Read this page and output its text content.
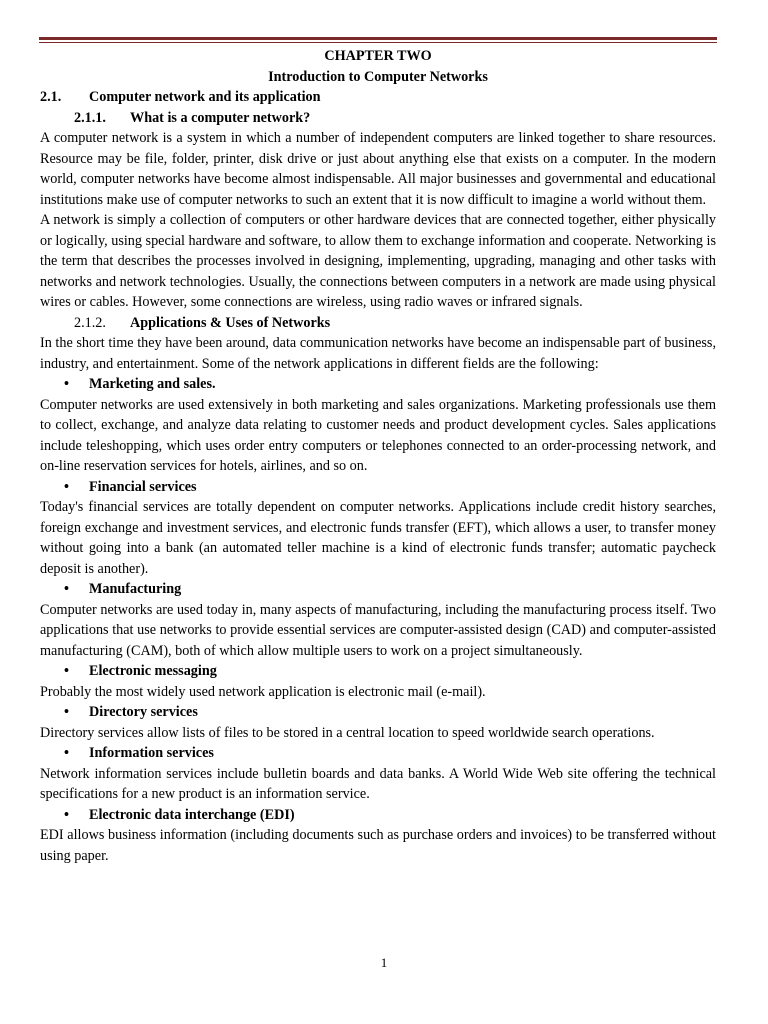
CHAPTER TWO
Introduction to Computer Networks
2.1.	Computer network and its application
2.1.1.	What is a computer network?

A computer network is a system in which a number of independent computers are linked together to share resources. Resource may be file, folder, printer, disk drive or just about anything else that exists on a computer. In the modern world, computer networks have become almost indispensable. All major businesses and governmental and educational institutions make use of computer networks to such an extent that it is now difficult to imagine a world without them.

A network is simply a collection of computers or other hardware devices that are connected together, either physically or logically, using special hardware and software, to allow them to exchange information and cooperate. Networking is the term that describes the processes involved in designing, implementing, upgrading, managing and other tasks with networks and network technologies. Usually, the connections between computers in a network are made using physical wires or cables. However, some connections are wireless, using radio waves or infrared signals.

2.1.2.	Applications & Uses of Networks

In the short time they have been around, data communication networks have become an indispensable part of business, industry, and entertainment. Some of the network applications in different fields are the following:

•	Marketing and sales.

Computer networks are used extensively in both marketing and sales organizations. Marketing professionals use them to collect, exchange, and analyze data relating to customer needs and product development cycles. Sales applications include teleshopping, which uses order entry computers or telephones connected to an order-processing network, and on-line reservation services for hotels, airlines, and so on.

•	Financial services

Today's financial services are totally dependent on computer networks. Applications include credit history searches, foreign exchange and investment services, and electronic funds transfer (EFT), which allows a user, to transfer money without going into a bank (an automated teller machine is a kind of electronic funds transfer; automatic paycheck deposit is another).

•	Manufacturing

Computer networks are used today in, many aspects of manufacturing, including the manufacturing process itself. Two applications that use networks to provide essential services are computer-assisted design (CAD) and computer-assisted manufacturing (CAM), both of which allow multiple users to work on a project simultaneously.

•	Electronic messaging

Probably the most widely used network application is electronic mail (e-mail).

•	Directory services

Directory services allow lists of files to be stored in a central location to speed worldwide search operations.

•	Information services

Network information services include bulletin boards and data banks. A World Wide Web site offering the technical specifications for a new product is an information service.

•	Electronic data interchange (EDI)

EDI allows business information (including documents such as purchase orders and invoices) to be transferred without using paper.

1
